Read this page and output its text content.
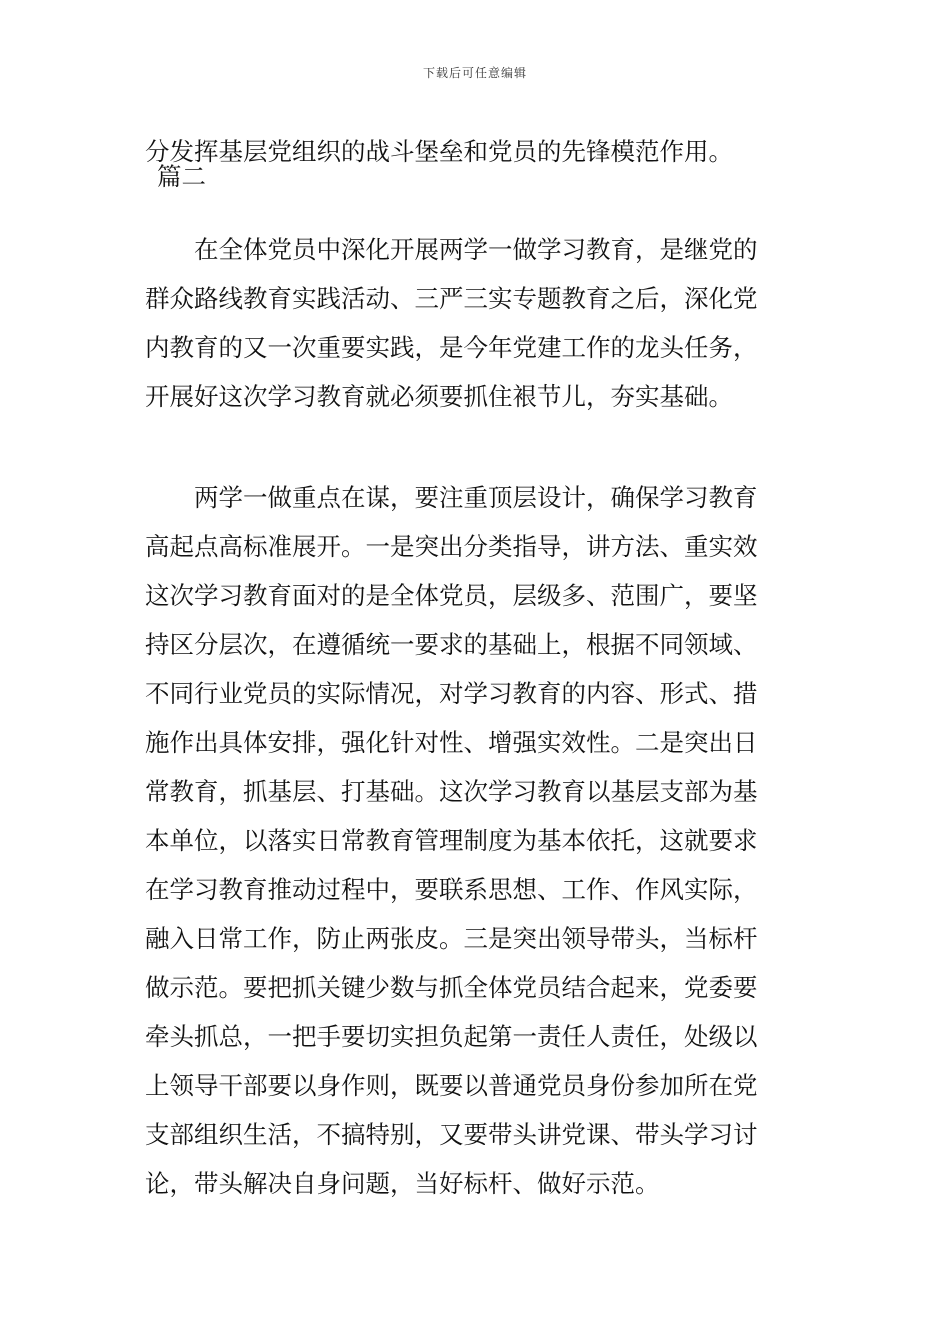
下载后可任意编辑
分发挥基层党组织的战斗堡垒和党员的先锋模范作用。
篇二
　　在全体党员中深化开展两学一做学习教育，是继党的
群众路线教育实践活动、三严三实专题教育之后，深化党
内教育的又一次重要实践，是今年党建工作的龙头任务，
开展好这次学习教育就必须要抓住裉节儿，夯实基础。
　　两学一做重点在谋，要注重顶层设计，确保学习教育
高起点高标准展开。一是突出分类指导，讲方法、重实效
这次学习教育面对的是全体党员，层级多、范围广，要坚
持区分层次，在遵循统一要求的基础上，根据不同领域、
不同行业党员的实际情况，对学习教育的内容、形式、措
施作出具体安排，强化针对性、增强实效性。二是突出日
常教育，抓基层、打基础。这次学习教育以基层支部为基
本单位，以落实日常教育管理制度为基本依托，这就要求
在学习教育推动过程中，要联系思想、工作、作风实际，
融入日常工作，防止两张皮。三是突出领导带头，当标杆
做示范。要把抓关键少数与抓全体党员结合起来，党委要
牵头抓总，一把手要切实担负起第一责任人责任，处级以
上领导干部要以身作则，既要以普通党员身份参加所在党
支部组织生活，不搞特别，又要带头讲党课、带头学习讨
论，带头解决自身问题，当好标杆、做好示范。
